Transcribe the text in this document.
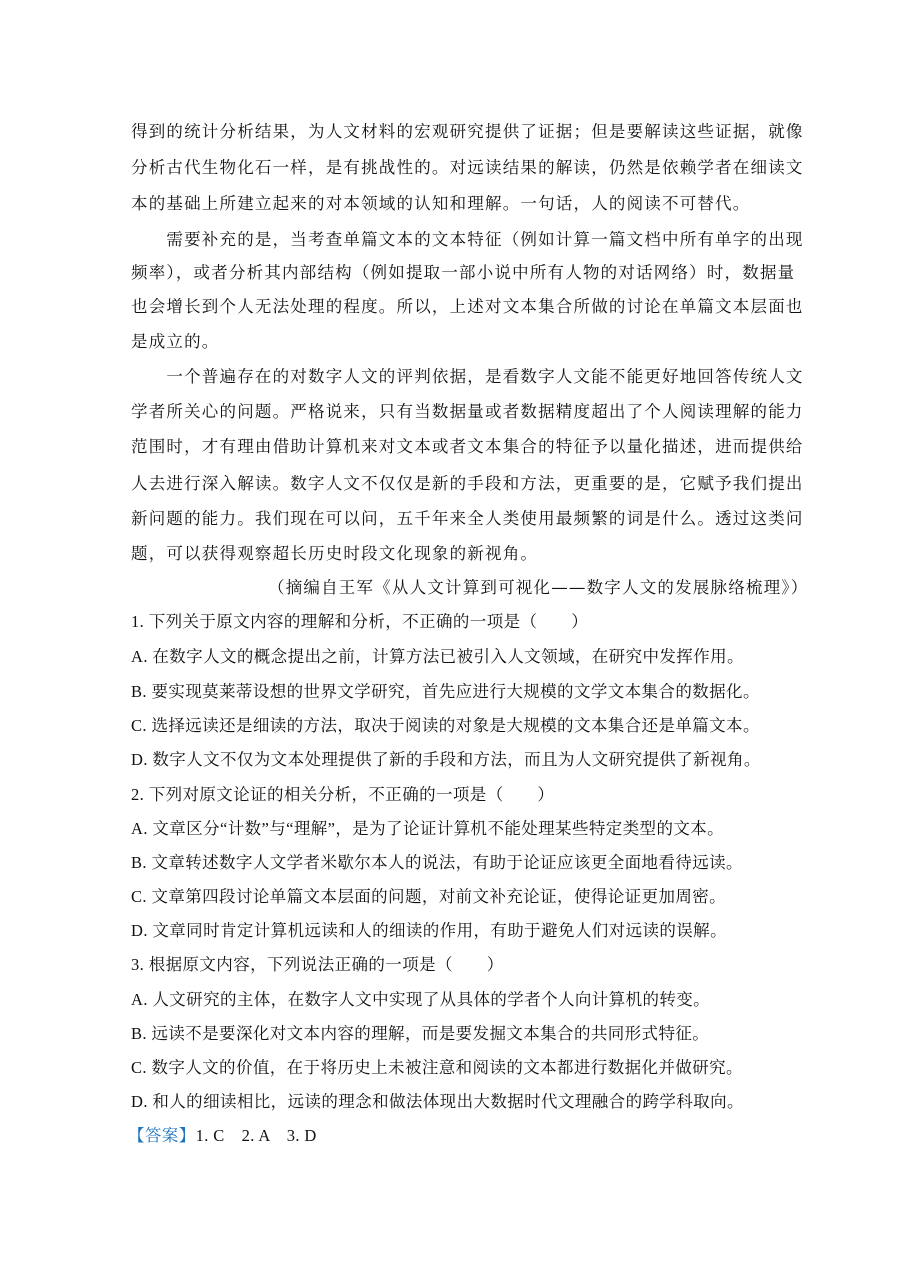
得到的统计分析结果，为人文材料的宏观研究提供了证据；但是要解读这些证据，就像
分析古代生物化石一样，是有挑战性的。对远读结果的解读，仍然是依赖学者在细读文
本的基础上所建立起来的对本领域的认知和理解。一句话，人的阅读不可替代。
　　需要补充的是，当考查单篇文本的文本特征（例如计算一篇文档中所有单字的出现
频率），或者分析其内部结构（例如提取一部小说中所有人物的对话网络）时，数据量
也会增长到个人无法处理的程度。所以，上述对文本集合所做的讨论在单篇文本层面也
是成立的。
　　一个普遍存在的对数字人文的评判依据，是看数字人文能不能更好地回答传统人文
学者所关心的问题。严格说来，只有当数据量或者数据精度超出了个人阅读理解的能力
范围时，才有理由借助计算机来对文本或者文本集合的特征予以量化描述，进而提供给
人去进行深入解读。数字人文不仅仅是新的手段和方法，更重要的是，它赋予我们提出
新问题的能力。我们现在可以问，五千年来全人类使用最频繁的词是什么。透过这类问
题，可以获得观察超长历史时段文化现象的新视角。
（摘编自王军《从人文计算到可视化——数字人文的发展脉络梳理》）
1. 下列关于原文内容的理解和分析，不正确的一项是（　　）
A. 在数字人文的概念提出之前，计算方法已被引入人文领域，在研究中发挥作用。
B. 要实现莫莱蒂设想的世界文学研究，首先应进行大规模的文学文本集合的数据化。
C. 选择远读还是细读的方法，取决于阅读的对象是大规模的文本集合还是单篇文本。
D. 数字人文不仅为文本处理提供了新的手段和方法，而且为人文研究提供了新视角。
2. 下列对原文论证的相关分析，不正确的一项是（　　）
A. 文章区分“计数”与“理解”，是为了论证计算机不能处理某些特定类型的文本。
B. 文章转述数字人文学者米歇尔本人的说法，有助于论证应该更全面地看待远读。
C. 文章第四段讨论单篇文本层面的问题，对前文补充论证，使得论证更加周密。
D. 文章同时肯定计算机远读和人的细读的作用，有助于避免人们对远读的误解。
3. 根据原文内容，下列说法正确的一项是（　　）
A. 人文研究的主体，在数字人文中实现了从具体的学者个人向计算机的转变。
B. 远读不是要深化对文本内容的理解，而是要发掘文本集合的共同形式特征。
C. 数字人文的价值，在于将历史上未被注意和阅读的文本都进行数据化并做研究。
D. 和人的细读相比，远读的理念和做法体现出大数据时代文理融合的跨学科取向。
【答案】1. C　2. A　3. D
